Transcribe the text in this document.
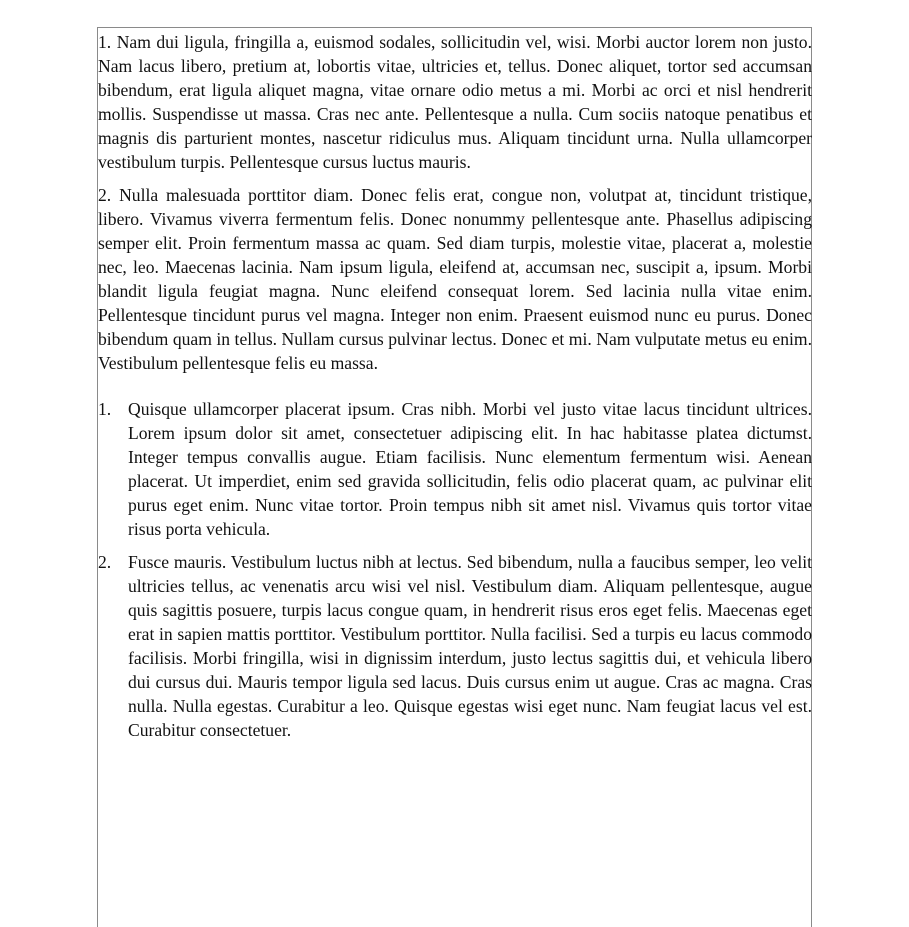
1. Nam dui ligula, fringilla a, euismod sodales, sollicitudin vel, wisi. Morbi auctor lorem non justo. Nam lacus libero, pretium at, lobortis vitae, ultricies et, tellus. Donec aliquet, tortor sed accumsan bibendum, erat ligula aliquet magna, vitae ornare odio metus a mi. Morbi ac orci et nisl hendrerit mollis. Suspendisse ut massa. Cras nec ante. Pellentesque a nulla. Cum sociis natoque penatibus et magnis dis parturient montes, nascetur ridiculus mus. Aliquam tincidunt urna. Nulla ullamcorper vestibulum turpis. Pellentesque cursus luctus mauris.

2. Nulla malesuada porttitor diam. Donec felis erat, congue non, volutpat at, tincidunt tristique, libero. Vivamus viverra fermentum felis. Donec nonummy pellentesque ante. Phasellus adipiscing semper elit. Proin fermentum massa ac quam. Sed diam turpis, molestie vitae, placerat a, molestie nec, leo. Maecenas lacinia. Nam ipsum ligula, eleifend at, accumsan nec, suscipit a, ipsum. Morbi blandit ligula feugiat magna. Nunc eleifend consequat lorem. Sed lacinia nulla vitae enim. Pellentesque tincidunt purus vel magna. Integer non enim. Praesent euismod nunc eu purus. Donec bibendum quam in tellus. Nullam cursus pulvinar lectus. Donec et mi. Nam vulputate metus eu enim. Vestibulum pellentesque felis eu massa.

1. Quisque ullamcorper placerat ipsum. Cras nibh. Morbi vel justo vitae lacus tincidunt ultrices. Lorem ipsum dolor sit amet, consectetuer adipiscing elit. In hac habitasse platea dictumst. Integer tempus convallis augue. Etiam facilisis. Nunc elementum fermentum wisi. Aenean placerat. Ut imperdiet, enim sed gravida sollicitudin, felis odio placerat quam, ac pulvinar elit purus eget enim. Nunc vitae tortor. Proin tempus nibh sit amet nisl. Vivamus quis tortor vitae risus porta vehicula.
2. Fusce mauris. Vestibulum luctus nibh at lectus. Sed bibendum, nulla a faucibus semper, leo velit ultricies tellus, ac venenatis arcu wisi vel nisl. Vestibulum diam. Aliquam pellentesque, augue quis sagittis posuere, turpis lacus congue quam, in hendrerit risus eros eget felis. Maecenas eget erat in sapien mattis porttitor. Vestibulum porttitor. Nulla facilisi. Sed a turpis eu lacus commodo facilisis. Morbi fringilla, wisi in dignissim interdum, justo lectus sagittis dui, et vehicula libero dui cursus dui. Mauris tempor ligula sed lacus. Duis cursus enim ut augue. Cras ac magna. Cras nulla. Nulla egestas. Curabitur a leo. Quisque egestas wisi eget nunc. Nam feugiat lacus vel est. Curabitur consectetuer.
